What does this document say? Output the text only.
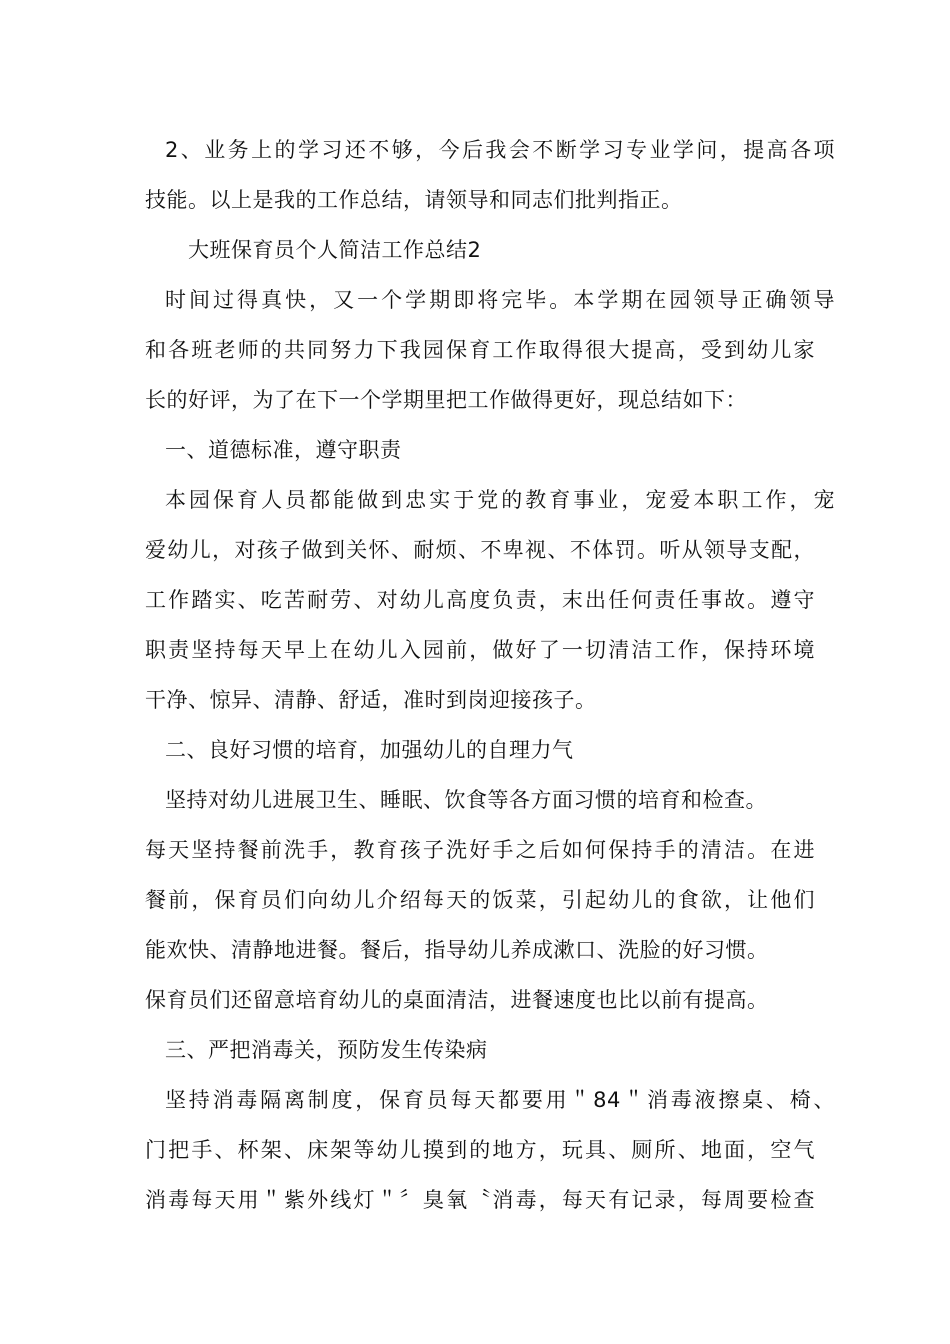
2、业务上的学习还不够，今后我会不断学习专业学问，提高各项
技能。以上是我的工作总结，请领导和同志们批判指正。
大班保育员个人简洁工作总结2
时间过得真快，又一个学期即将完毕。本学期在园领导正确领导
和各班老师的共同努力下我园保育工作取得很大提高，受到幼儿家
长的好评，为了在下一个学期里把工作做得更好，现总结如下：
一、道德标准，遵守职责
本园保育人员都能做到忠实于党的教育事业，宠爱本职工作，宠
爱幼儿，对孩子做到关怀、耐烦、不卑视、不体罚。听从领导支配，
工作踏实、吃苦耐劳、对幼儿高度负责，末出任何责任事故。遵守
职责坚持每天早上在幼儿入园前，做好了一切清洁工作，保持环境
干净、惊异、清静、舒适，准时到岗迎接孩子。
二、良好习惯的培育，加强幼儿的自理力气
坚持对幼儿进展卫生、睡眠、饮食等各方面习惯的培育和检查。
每天坚持餐前洗手，教育孩子洗好手之后如何保持手的清洁。在进
餐前，保育员们向幼儿介绍每天的饭菜，引起幼儿的食欲，让他们
能欢快、清静地进餐。餐后，指导幼儿养成漱口、洗脸的好习惯。
保育员们还留意培育幼儿的桌面清洁，进餐速度也比以前有提高。
三、严把消毒关，预防发生传染病
坚持消毒隔离制度，保育员每天都要用＂84＂消毒液擦桌、椅、
门把手、杯架、床架等幼儿摸到的地方，玩具、厕所、地面，空气
消毒每天用＂紫外线灯＂〞臭氧〝消毒，每天有记录，每周要检查
